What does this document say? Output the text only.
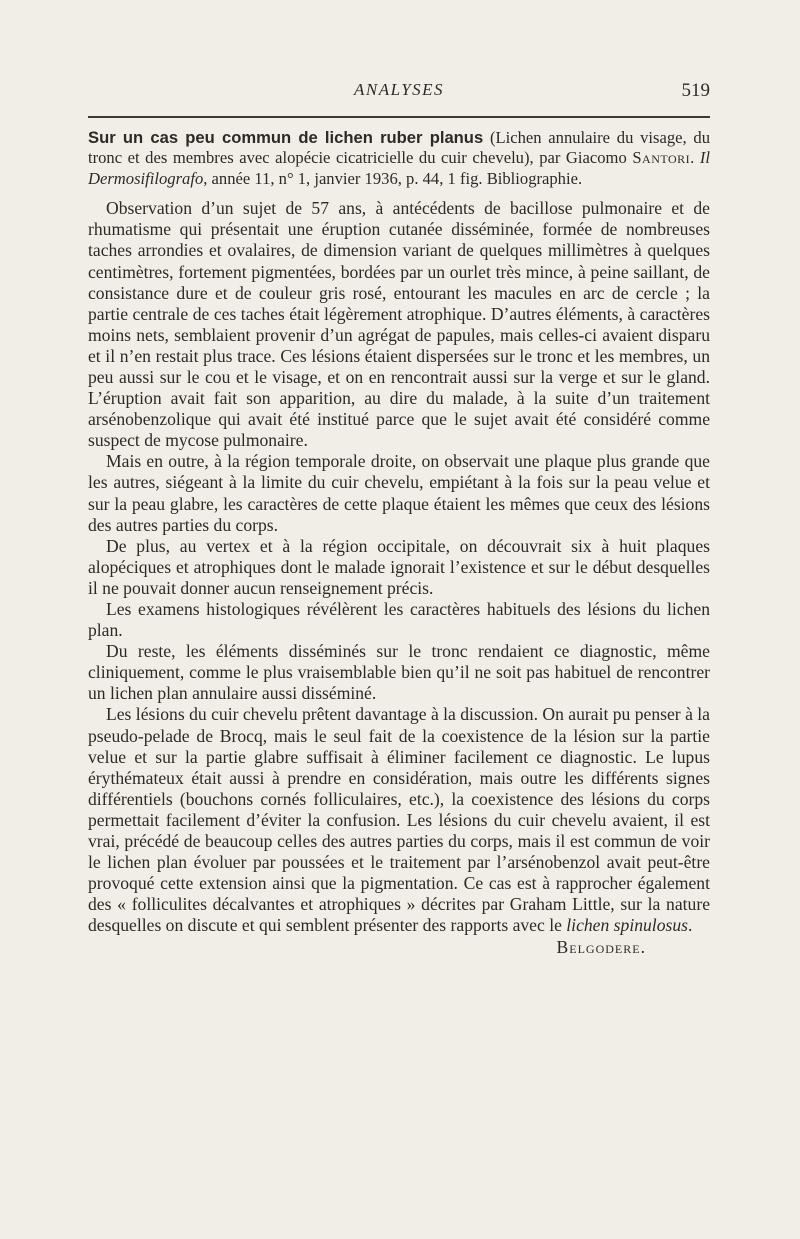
ANALYSES	519

Sur un cas peu commun de lichen ruber planus (Lichen annulaire du visage, du tronc et des membres avec alopécie cicatricielle du cuir chevelu), par Giacomo Santori. Il Dermosifilografo, année 11, n° 1, janvier 1936, p. 44, 1 fig. Bibliographie.

Observation d’un sujet de 57 ans, à antécédents de bacillose pulmonaire et de rhumatisme qui présentait une éruption cutanée disséminée, formée de nombreuses taches arrondies et ovalaires, de dimension variant de quelques millimètres à quelques centimètres, fortement pigmentées, bordées par un ourlet très mince, à peine saillant, de consistance dure et de couleur gris rosé, entourant les macules en arc de cercle ; la partie centrale de ces taches était légèrement atrophique. D’autres éléments, à caractères moins nets, semblaient provenir d’un agrégat de papules, mais celles-ci avaient disparu et il n’en restait plus trace. Ces lésions étaient dispersées sur le tronc et les membres, un peu aussi sur le cou et le visage, et on en rencontrait aussi sur la verge et sur le gland. L’éruption avait fait son apparition, au dire du malade, à la suite d’un traitement arsénobenzolique qui avait été institué parce que le sujet avait été considéré comme suspect de mycose pulmonaire.

Mais en outre, à la région temporale droite, on observait une plaque plus grande que les autres, siégeant à la limite du cuir chevelu, empiétant à la fois sur la peau velue et sur la peau glabre, les caractères de cette plaque étaient les mêmes que ceux des lésions des autres parties du corps.

De plus, au vertex et à la région occipitale, on découvrait six à huit plaques alopéciques et atrophiques dont le malade ignorait l’existence et sur le début desquelles il ne pouvait donner aucun renseignement précis.

Les examens histologiques révélèrent les caractères habituels des lésions du lichen plan.

Du reste, les éléments disséminés sur le tronc rendaient ce diagnostic, même cliniquement, comme le plus vraisemblable bien qu’il ne soit pas habituel de rencontrer un lichen plan annulaire aussi disséminé.

Les lésions du cuir chevelu prêtent davantage à la discussion. On aurait pu penser à la pseudo-pelade de Brocq, mais le seul fait de la coexistence de la lésion sur la partie velue et sur la partie glabre suffisait à éliminer facilement ce diagnostic. Le lupus érythémateux était aussi à prendre en considération, mais outre les différents signes différentiels (bouchons cornés folliculaires, etc.), la coexistence des lésions du corps permettait facilement d’éviter la confusion. Les lésions du cuir chevelu avaient, il est vrai, précédé de beaucoup celles des autres parties du corps, mais il est commun de voir le lichen plan évoluer par poussées et le traitement par l’arsénobenzol avait peut-être provoqué cette extension ainsi que la pigmentation. Ce cas est à rapprocher également des « folliculites décalvantes et atrophiques » décrites par Graham Little, sur la nature desquelles on discute et qui semblent présenter des rapports avec le lichen spinulosus.
Belgodere.
